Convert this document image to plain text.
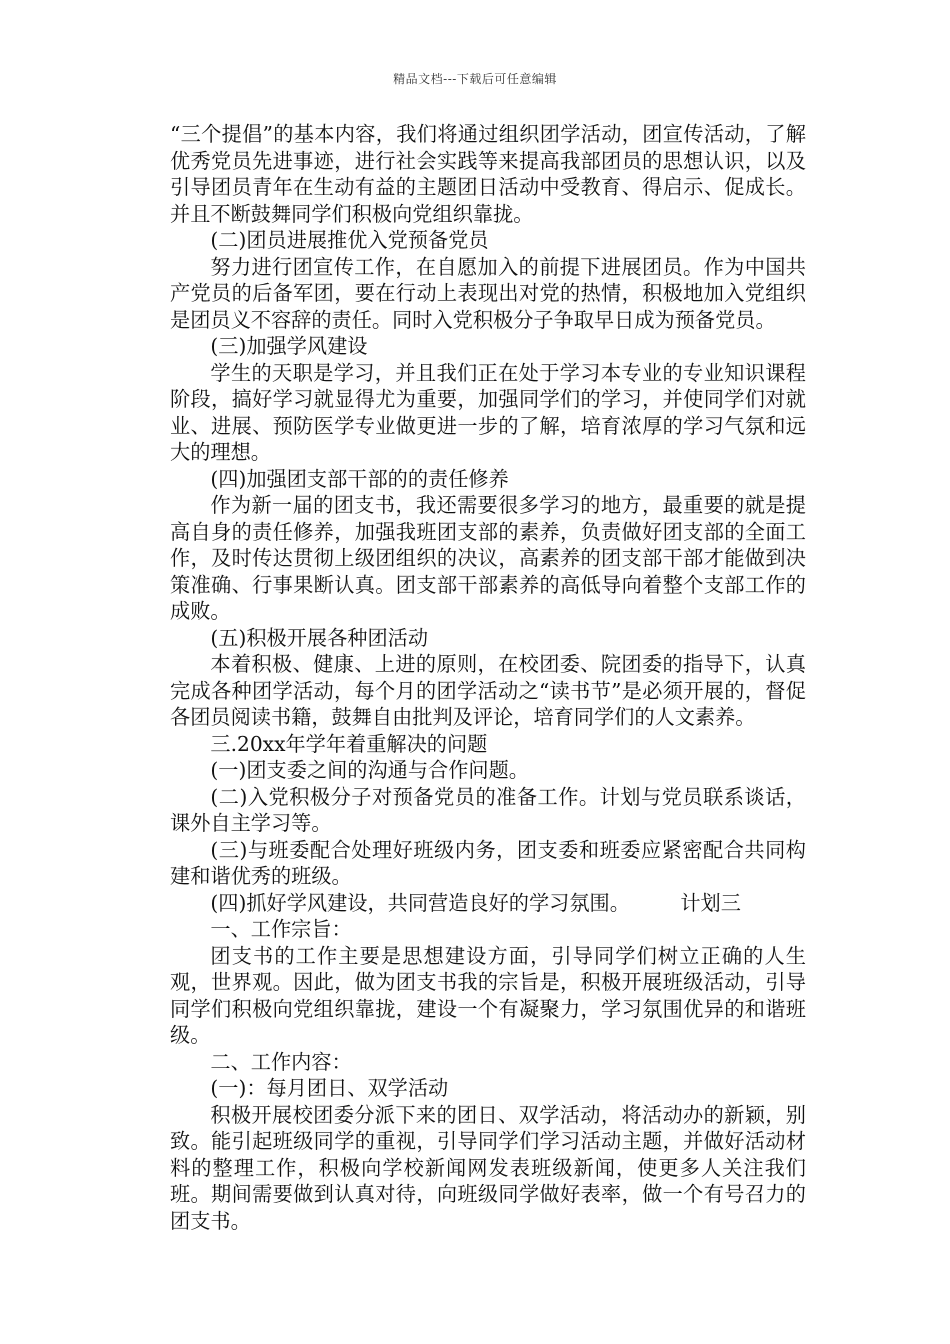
精品文档---下载后可任意编辑

“三个提倡”的基本内容，我们将通过组织团学活动，团宣传活动，了解优秀党员先进事迹，进行社会实践等来提高我部团员的思想认识，以及引导团员青年在生动有益的主题团日活动中受教育、得启示、促成长。并且不断鼓舞同学们积极向党组织靠拢。

(二)团员进展推优入党预备党员

努力进行团宣传工作，在自愿加入的前提下进展团员。作为中国共产党员的后备军团，要在行动上表现出对党的热情，积极地加入党组织是团员义不容辞的责任。同时入党积极分子争取早日成为预备党员。

(三)加强学风建设

学生的天职是学习，并且我们正在处于学习本专业的专业知识课程阶段，搞好学习就显得尤为重要，加强同学们的学习，并使同学们对就业、进展、预防医学专业做更进一步的了解，培育浓厚的学习气氛和远大的理想。

(四)加强团支部干部的的责任修养

作为新一届的团支书，我还需要很多学习的地方，最重要的就是提高自身的责任修养，加强我班团支部的素养，负责做好团支部的全面工作，及时传达贯彻上级团组织的决议，高素养的团支部干部才能做到决策准确、行事果断认真。团支部干部素养的高低导向着整个支部工作的成败。

(五)积极开展各种团活动

本着积极、健康、上进的原则，在校团委、院团委的指导下，认真完成各种团学活动，每个月的团学活动之“读书节”是必须开展的，督促各团员阅读书籍，鼓舞自由批判及评论，培育同学们的人文素养。

三.20xx年学年着重解决的问题

(一)团支委之间的沟通与合作问题。

(二)入党积极分子对预备党员的准备工作。计划与党员联系谈话，课外自主学习等。

(三)与班委配合处理好班级内务，团支委和班委应紧密配合共同构建和谐优秀的班级。

(四)抓好学风建设，共同营造良好的学习氛围。　　　计划三

一、工作宗旨：

团支书的工作主要是思想建设方面，引导同学们树立正确的人生观，世界观。因此，做为团支书我的宗旨是，积极开展班级活动，引导同学们积极向党组织靠拢，建设一个有凝聚力，学习氛围优异的和谐班级。

二、工作内容：

(一)：每月团日、双学活动

积极开展校团委分派下来的团日、双学活动，将活动办的新颖，别致。能引起班级同学的重视，引导同学们学习活动主题，并做好活动材料的整理工作，积极向学校新闻网发表班级新闻，使更多人关注我们班。期间需要做到认真对待，向班级同学做好表率，做一个有号召力的团支书。
